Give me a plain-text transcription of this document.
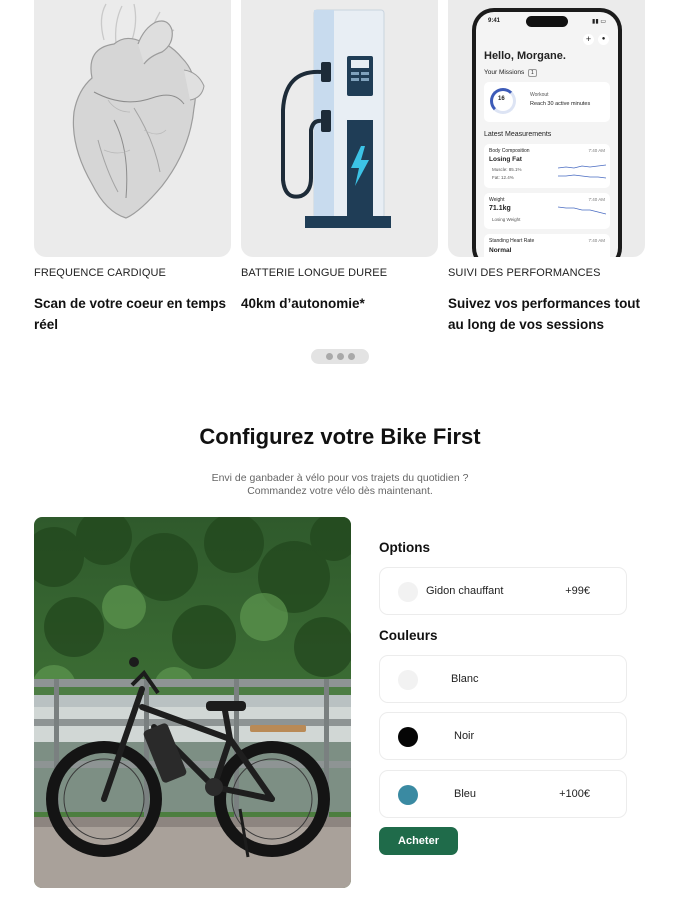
FREQUENCE CARDIQUE
Scan de votre coeur en temps réel
BATTERIE LONGUE DUREE
40km d’autonomie*
9:41	▮▮ ▭
+	●
Hello, Morgane.
Your Missions 1
16
Workout
Reach 30 active minutes
Latest Measurements
Body Composition	7:40 AM
Losing Fat
Muscle: 85.1%
Fat: 12.4%
Weight	7:40 AM
71.1kg
Losing Weight
Standing Heart Rate	7:40 AM
Normal
SUIVI DES PERFORMANCES
Suivez vos performances tout au long de vos sessions
Configurez votre Bike First
Envi de ganbader à vélo pour vos trajets du quotidien ?
Commandez votre vélo dès maintenant.
Options
Gidon chauffant	+99€
Couleurs
Blanc
Noir
Bleu	+100€
Acheter
